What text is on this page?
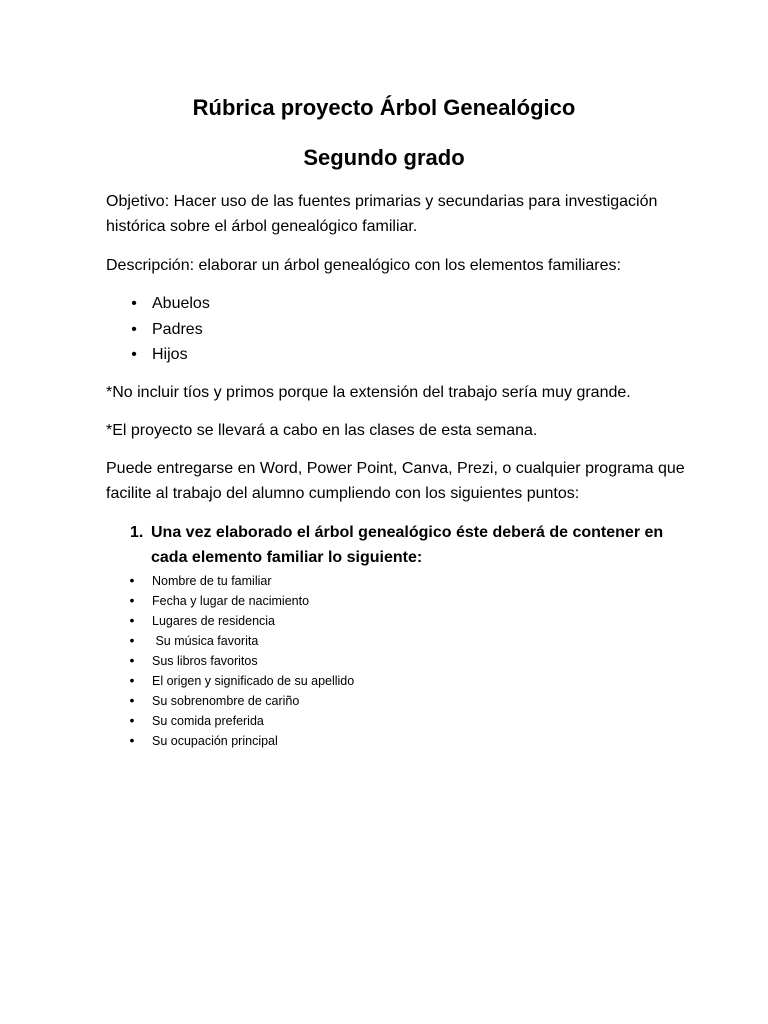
Rúbrica proyecto Árbol Genealógico
Segundo grado
Objetivo: Hacer uso de las fuentes primarias y secundarias para investigación histórica sobre el árbol genealógico familiar.
Descripción: elaborar un árbol genealógico con los elementos familiares:
• Abuelos
• Padres
• Hijos
*No incluir tíos y primos porque la extensión del trabajo sería muy grande.
*El proyecto se llevará a cabo en las clases de esta semana.
Puede entregarse en Word, Power Point, Canva, Prezi, o cualquier programa que facilite al trabajo del alumno cumpliendo con los siguientes puntos:
1. Una vez elaborado el árbol genealógico éste deberá de contener en cada elemento familiar lo siguiente:
• Nombre de tu familiar
• Fecha y lugar de nacimiento
• Lugares de residencia
• Su música favorita
• Sus libros favoritos
• El origen y significado de su apellido
• Su sobrenombre de cariño
• Su comida preferida
• Su ocupación principal
